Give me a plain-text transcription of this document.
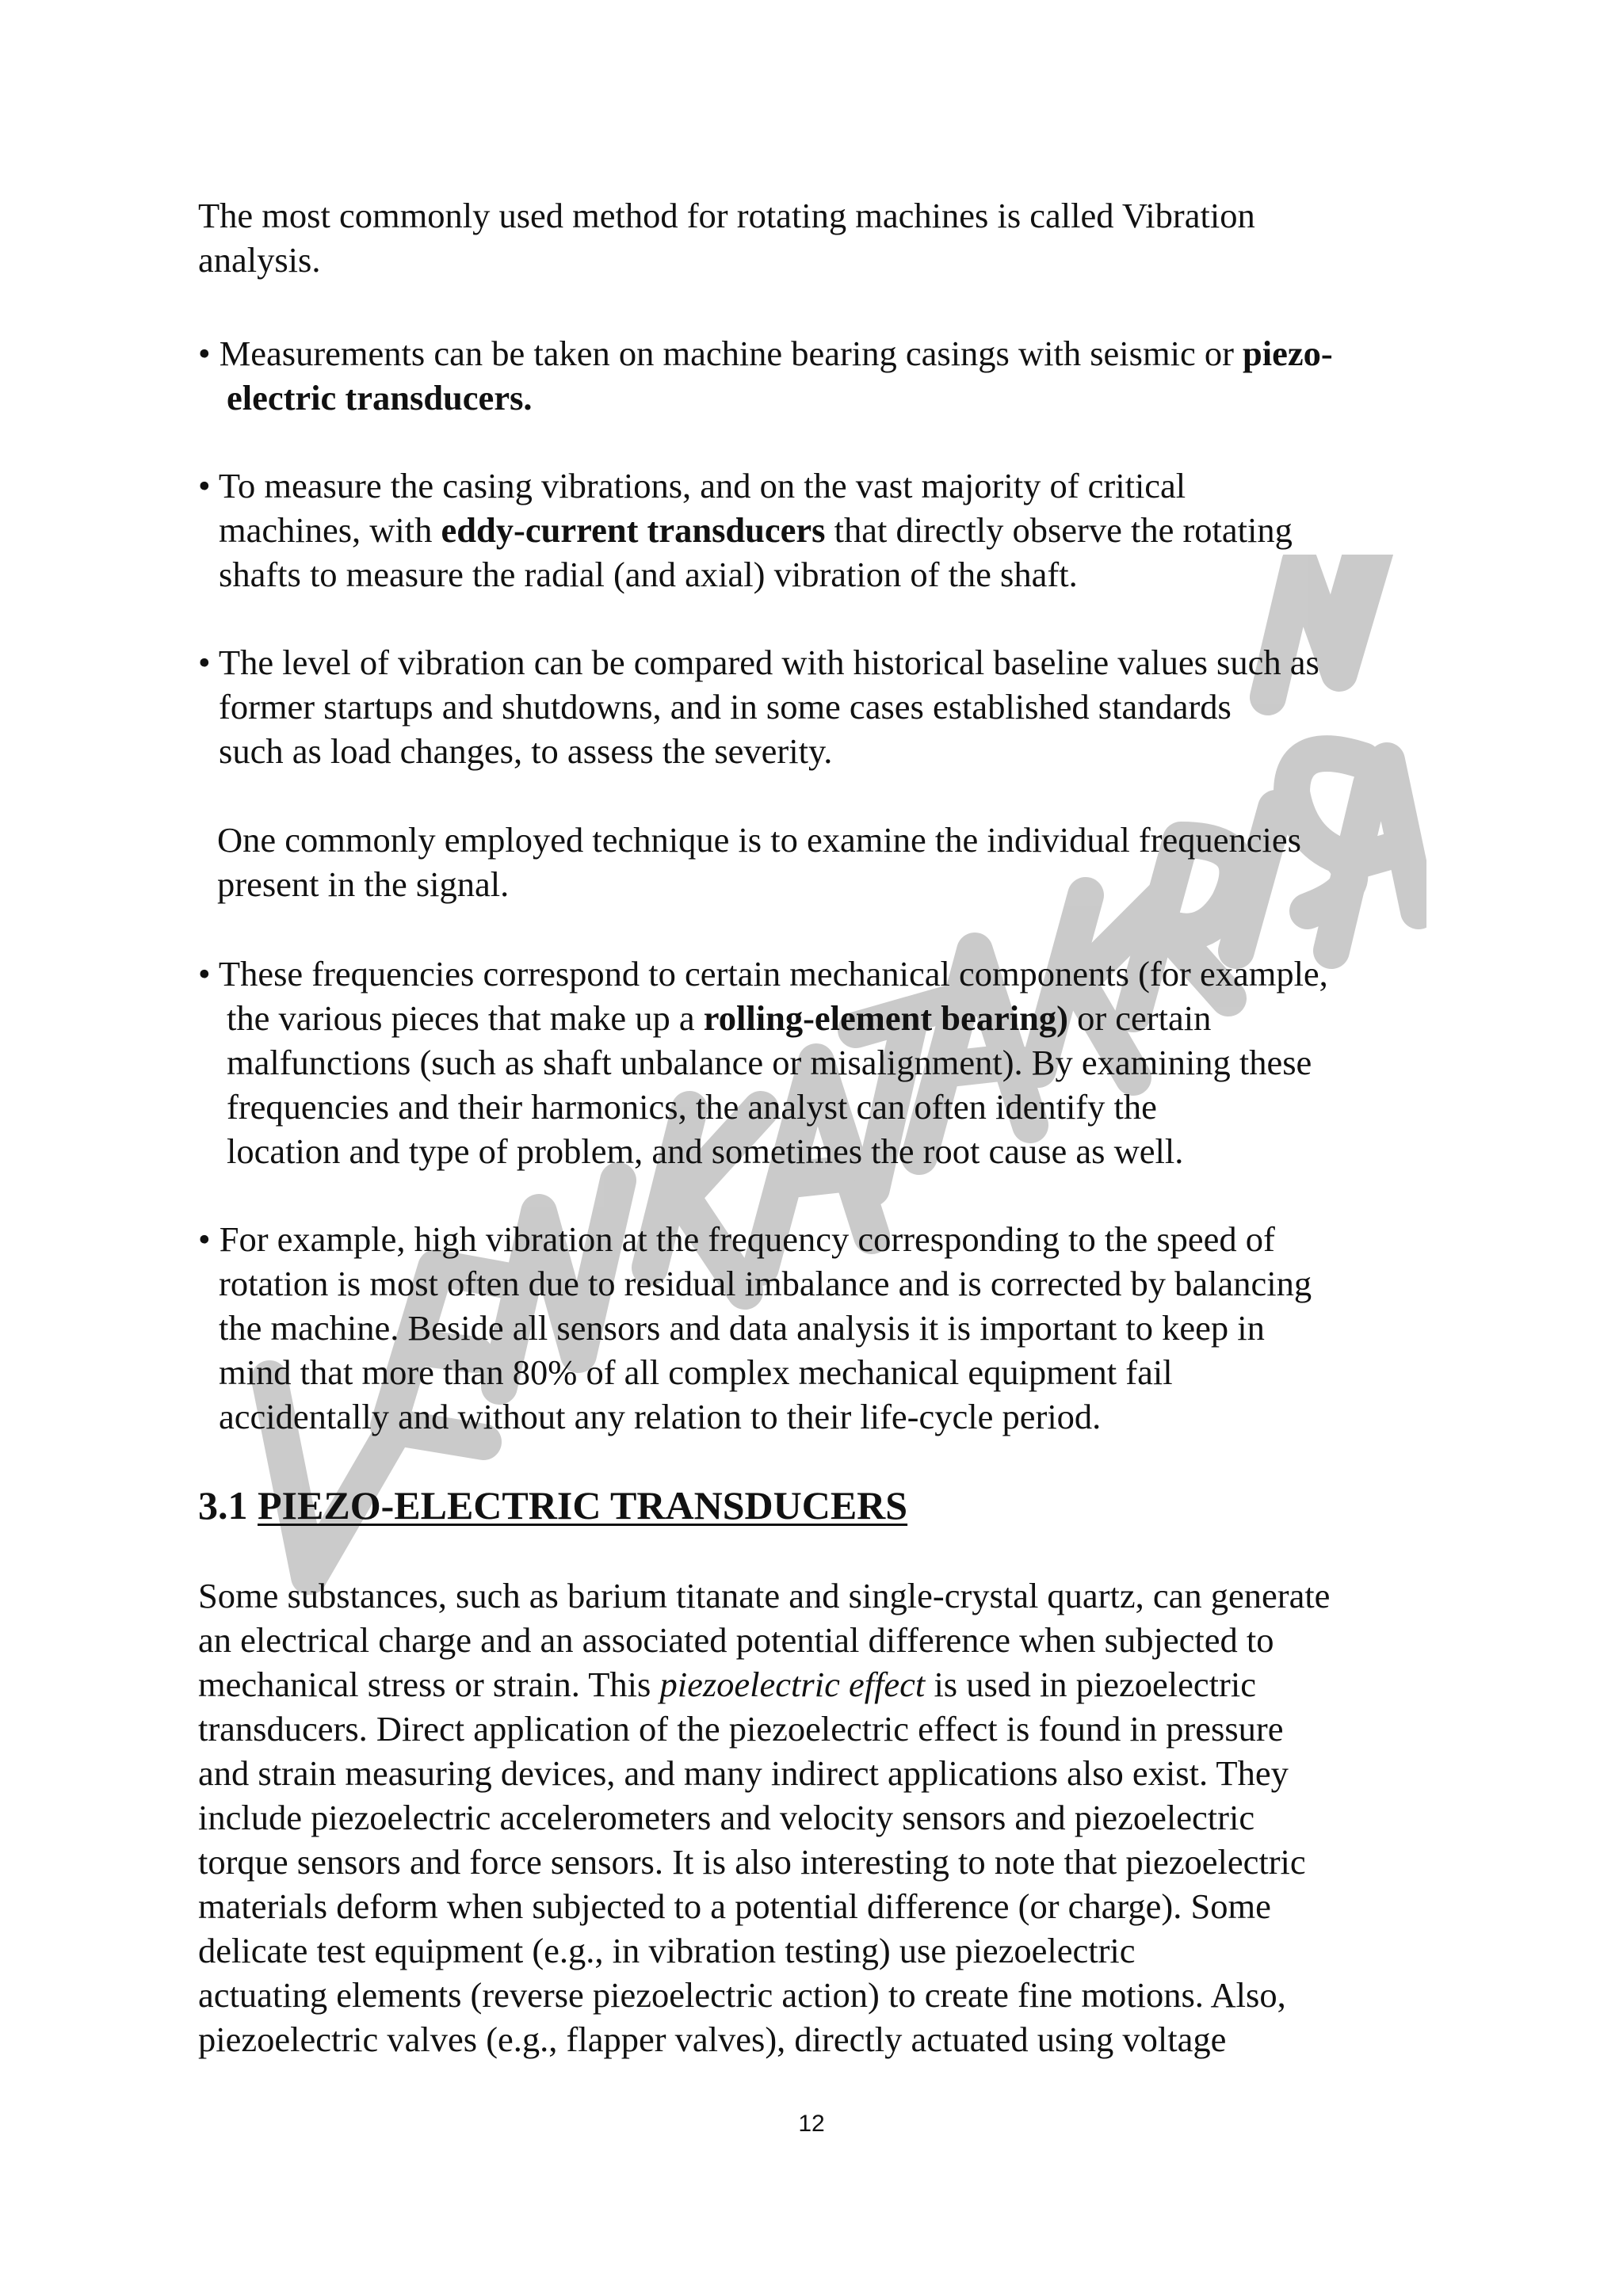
The most commonly used method for rotating machines is called Vibration

analysis.

• Measurements can be taken on machine bearing casings with seismic or piezo-

electric transducers.

• To measure the casing vibrations, and on the vast majority of critical

machines, with eddy-current transducers that directly observe the rotating

shafts to measure the radial (and axial) vibration of the shaft.

• The level of vibration can be compared with historical baseline values such as

former startups and shutdowns, and in some cases established standards

such as load changes, to assess the severity.

One commonly employed technique is to examine the individual frequencies

present in the signal.

• These frequencies correspond to certain mechanical components (for example,

the various pieces that make up a rolling-element bearing) or certain

malfunctions (such as shaft unbalance or misalignment). By examining these

frequencies and their harmonics, the analyst can often identify the

location and type of problem, and sometimes the root cause as well.

• For example, high vibration at the frequency corresponding to the speed of

rotation is most often due to residual imbalance and is corrected by balancing

the machine. Beside all sensors and data analysis it is important to keep in

mind that more than 80% of all complex mechanical equipment fail

accidentally and without any relation to their life-cycle period.

3.1 PIEZO-ELECTRIC TRANSDUCERS

Some substances, such as barium titanate and single-crystal quartz, can generate

an electrical charge and an associated potential difference when subjected to

mechanical stress or strain. This piezoelectric effect is used in piezoelectric

transducers. Direct application of the piezoelectric effect is found in pressure

and strain measuring devices, and many indirect applications also exist. They

include piezoelectric accelerometers and velocity sensors and piezoelectric

torque sensors and force sensors. It is also interesting to note that piezoelectric

materials deform when subjected to a potential difference (or charge). Some

delicate test equipment (e.g., in vibration testing) use piezoelectric

actuating elements (reverse piezoelectric action) to create fine motions. Also,

piezoelectric valves (e.g., flapper valves), directly actuated using voltage

12
